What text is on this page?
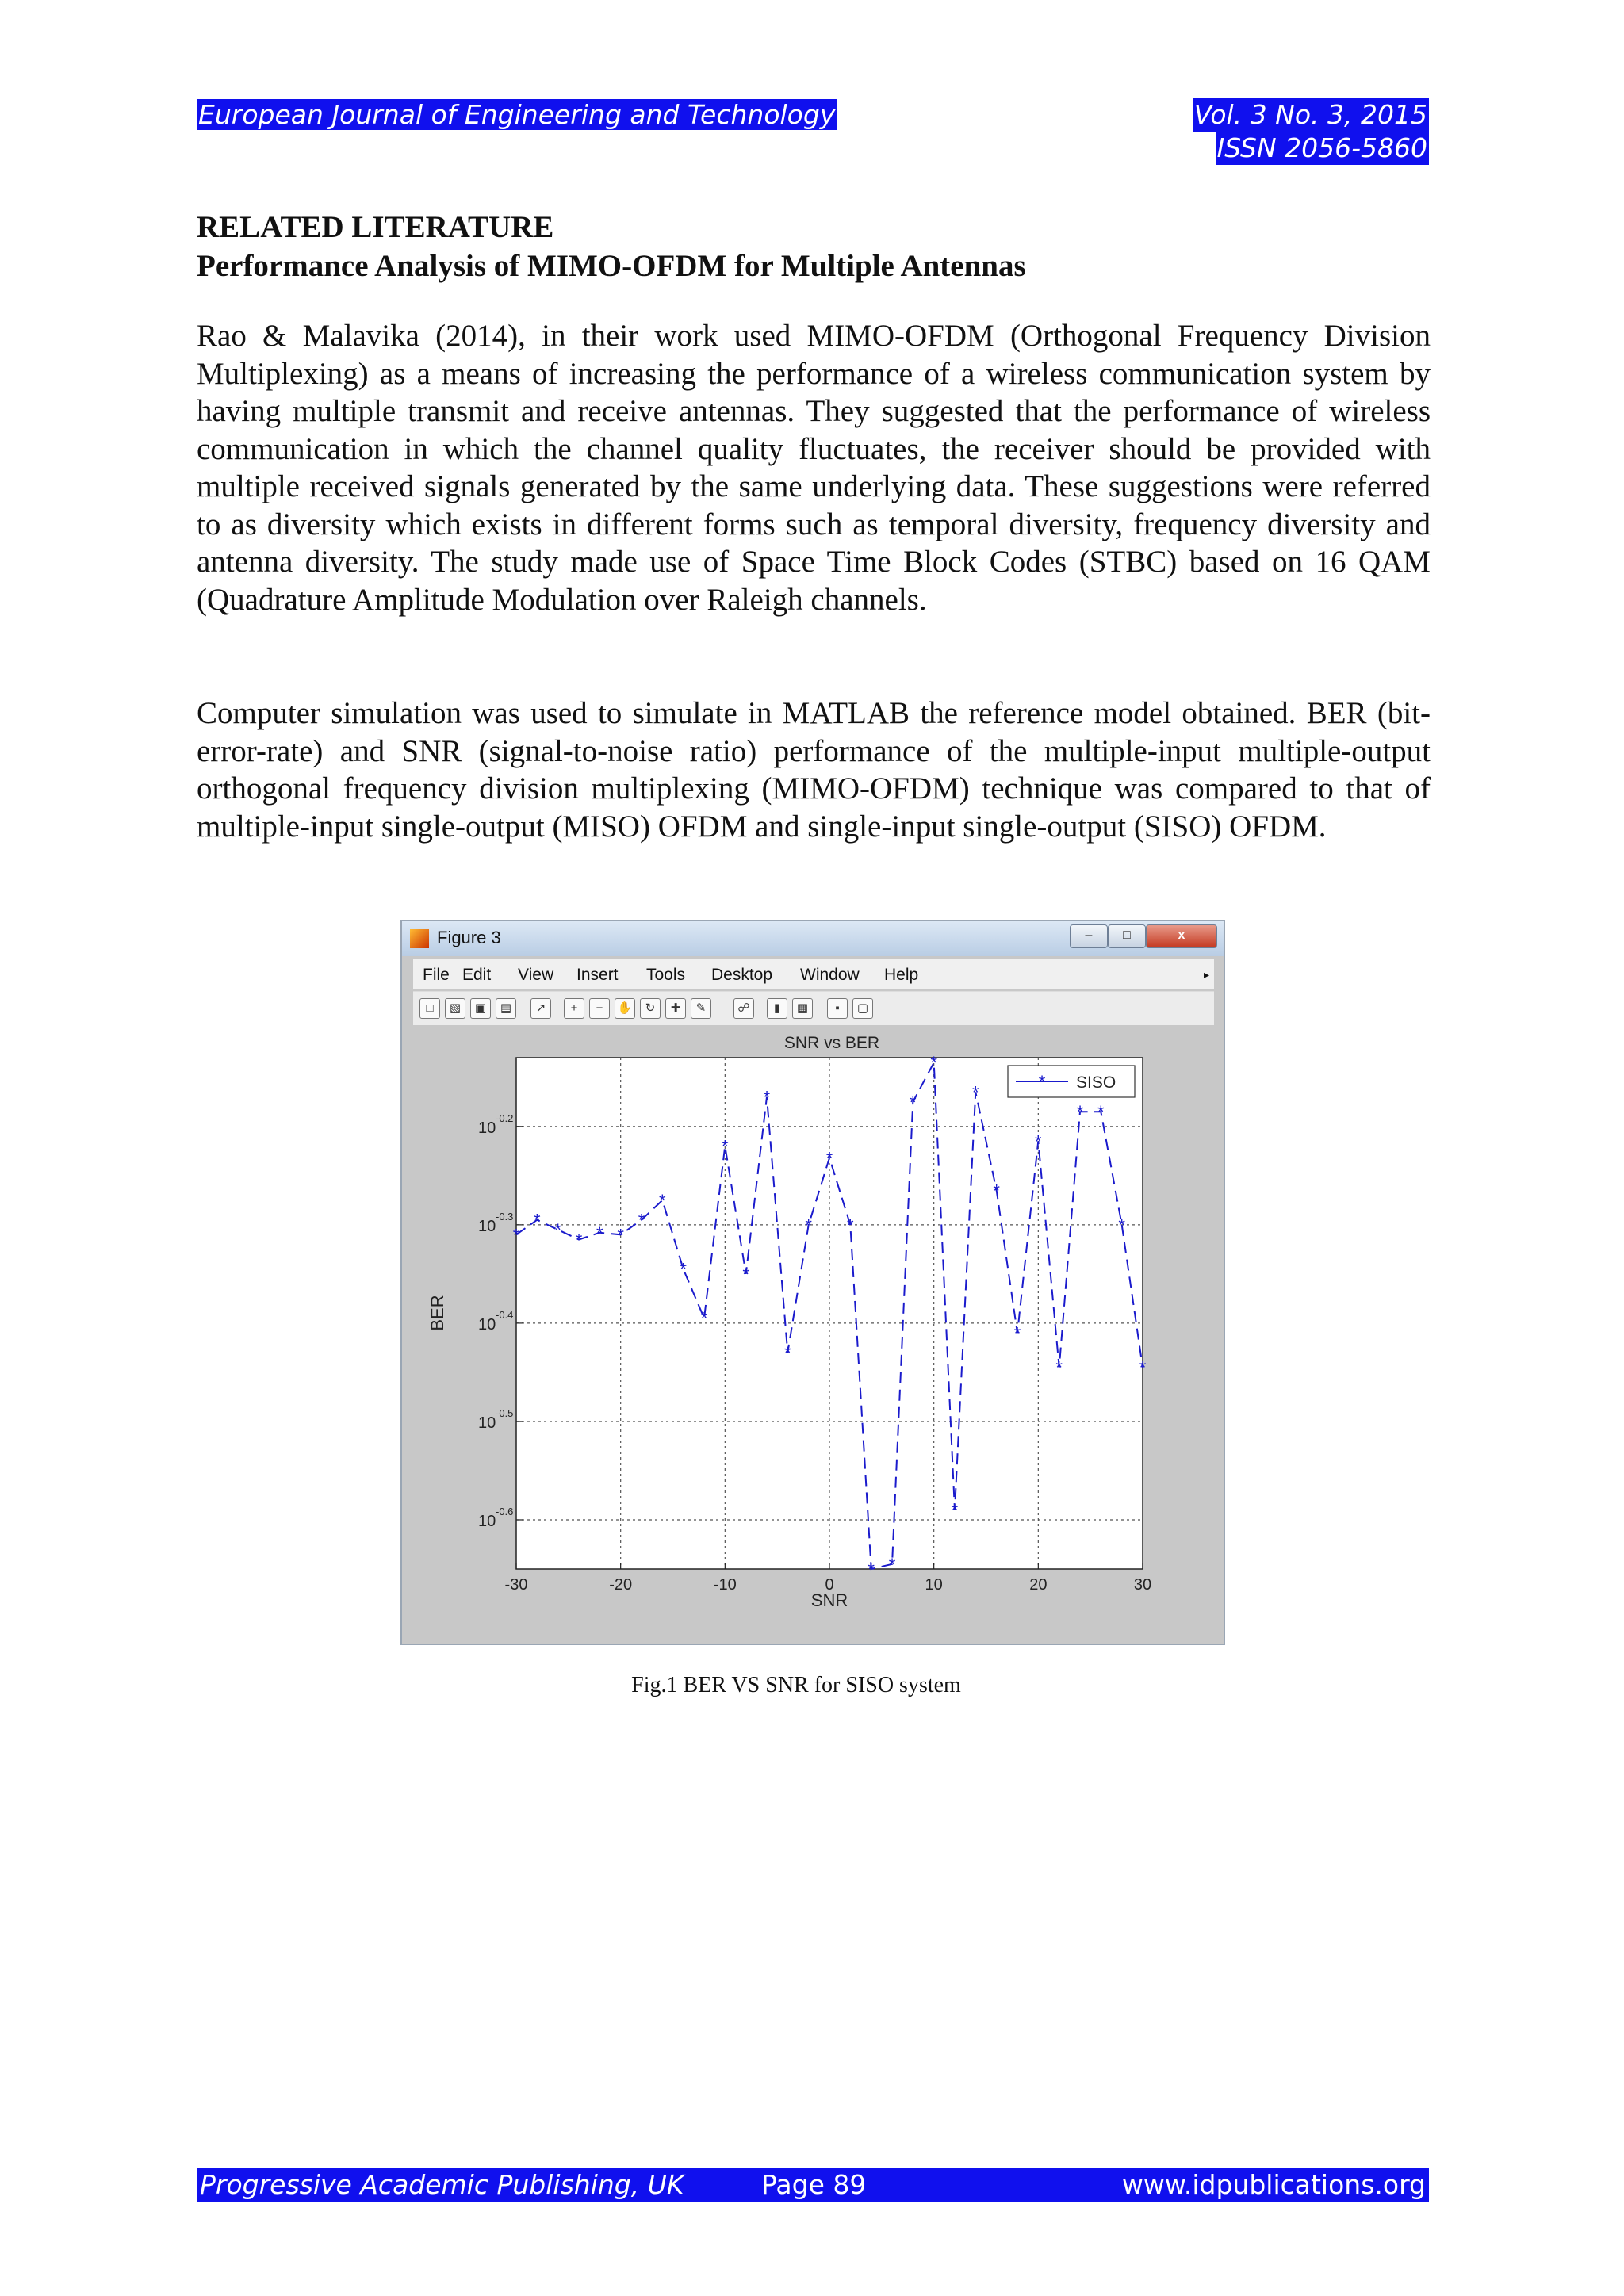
European Journal of Engineering and Technology	Vol. 3 No. 3, 2015
ISSN 2056-5860
RELATED LITERATURE
Performance Analysis of MIMO-OFDM for Multiple Antennas
Rao & Malavika (2014), in their work used MIMO-OFDM (Orthogonal Frequency Division Multiplexing) as a means of increasing the performance of a wireless communication system by having multiple transmit and receive antennas. They suggested that the performance of wireless communication in which the channel quality fluctuates, the receiver should be provided with multiple received signals generated by the same underlying data. These suggestions were referred to as diversity which exists in different forms such as temporal diversity, frequency diversity and antenna diversity. The study made use of Space Time Block Codes (STBC) based on 16 QAM (Quadrature Amplitude Modulation over Raleigh channels.
Computer simulation was used to simulate in MATLAB the reference model obtained. BER (bit-error-rate) and SNR (signal-to-noise ratio) performance of the multiple-input multiple-output orthogonal frequency division multiplexing (MIMO-OFDM) technique was compared to that of multiple-input single-output (MISO) OFDM and single-input single-output (SISO) OFDM.
Figure 3	–	□	x
File Edit View Insert Tools Desktop Window Help	▸
□	▧	▣	▤	↗	+	−	✋	↻	✚	✎	☍	▮	▦	▪	▢
SNR vs BER
-30	-20	-10	0	10	20	30
10
-0.2
10
-0.3
10
-0.4
10
-0.5
10
-0.6
*
* * * * *
*
*
*
*
*
*
*
*
*
*
*
* *
*
*
*
*
*
*
*
*
* *
*
*
SNR
BER
* SISO
Fig.1 BER VS SNR for SISO system
Progressive Academic Publishing, UK	Page 89	www.idpublications.org
